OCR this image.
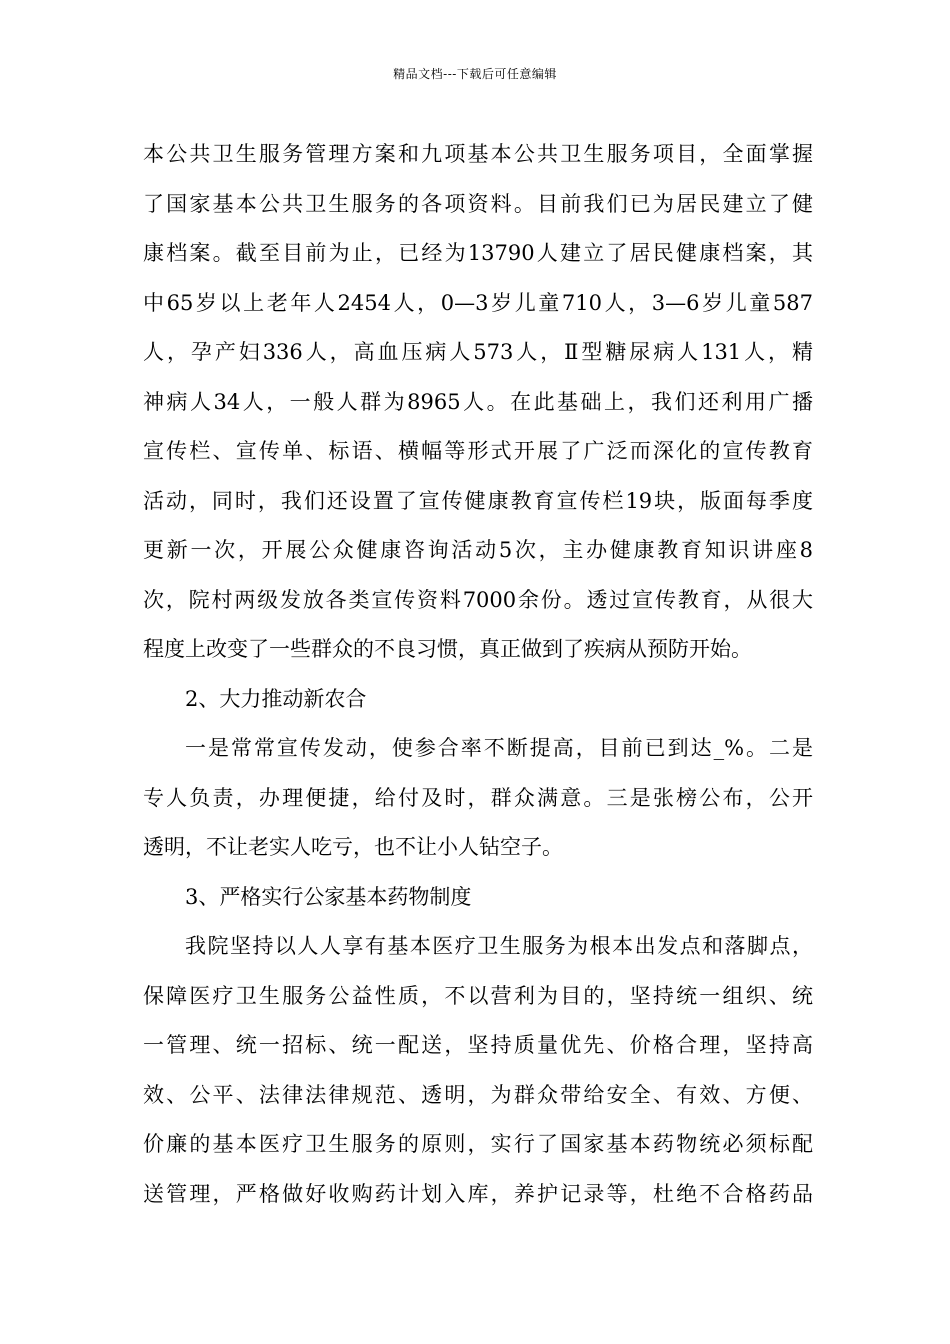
精品文档---下载后可任意编辑
本公共卫生服务管理方案和九项基本公共卫生服务项目，全面掌握
了国家基本公共卫生服务的各项资料。目前我们已为居民建立了健
康档案。截至目前为止，已经为13790人建立了居民健康档案，其
中65岁以上老年人2454人，0—3岁儿童710人，3—6岁儿童587
人，孕产妇336人，高血压病人573人，Ⅱ型糖尿病人131人，精
神病人34人，一般人群为8965人。在此基础上，我们还利用广播
宣传栏、宣传单、标语、横幅等形式开展了广泛而深化的宣传教育
活动，同时，我们还设置了宣传健康教育宣传栏19块，版面每季度
更新一次，开展公众健康咨询活动5次，主办健康教育知识讲座8
次，院村两级发放各类宣传资料7000余份。透过宣传教育，从很大
程度上改变了一些群众的不良习惯，真正做到了疾病从预防开始。
2、大力推动新农合
一是常常宣传发动，使参合率不断提高，目前已到达_%。二是
专人负责，办理便捷，给付及时，群众满意。三是张榜公布，公开
透明，不让老实人吃亏，也不让小人钻空子。
3、严格实行公家基本药物制度
我院坚持以人人享有基本医疗卫生服务为根本出发点和落脚点，
保障医疗卫生服务公益性质，不以营利为目的，坚持统一组织、统
一管理、统一招标、统一配送，坚持质量优先、价格合理，坚持高
效、公平、法律法律规范、透明，为群众带给安全、有效、方便、
价廉的基本医疗卫生服务的原则，实行了国家基本药物统必须标配
送管理，严格做好收购药计划入库，养护记录等，杜绝不合格药品
